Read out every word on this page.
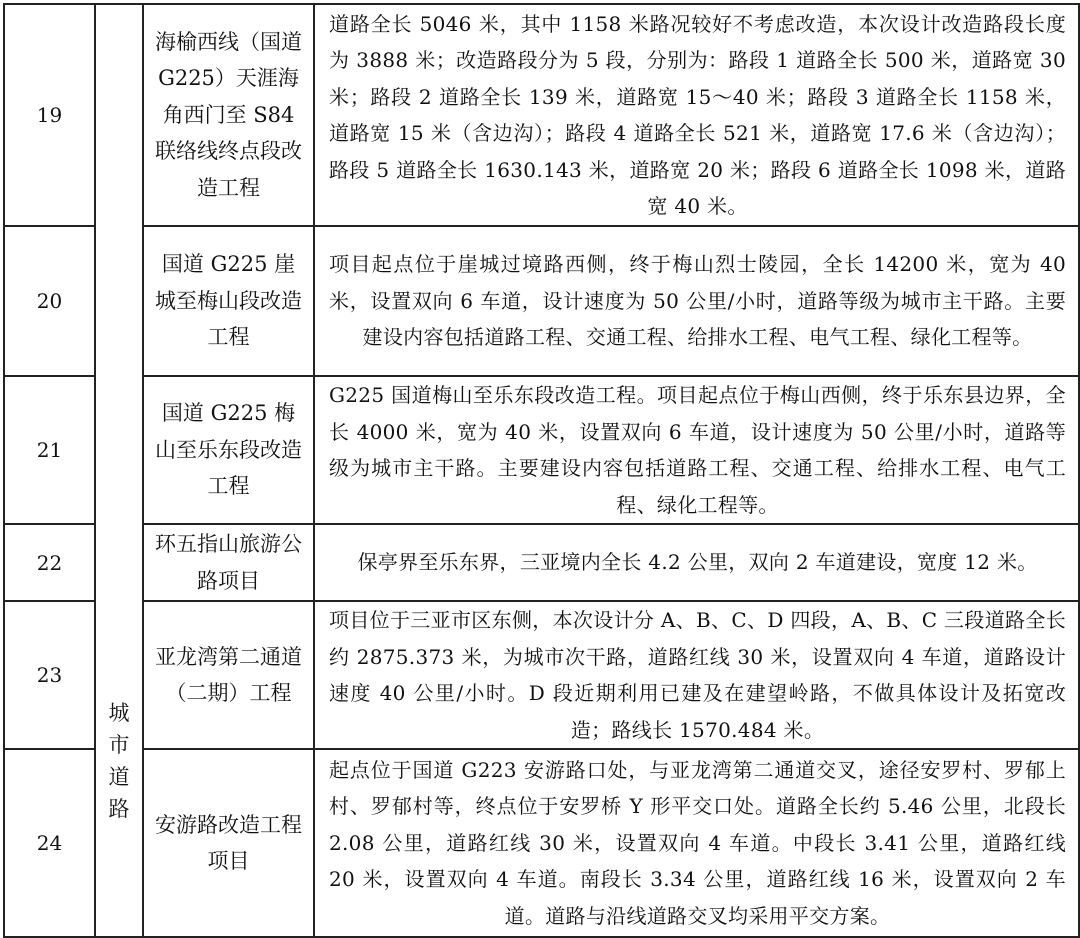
19		海榆西线（国道 G225）天涯海角西门至 S84 联络线终点段改造工程	道路全长 5046 米，其中 1158 米路况较好不考虑改造，本次设计改造路段长度为 3888 米；改造路段分为 5 段，分别为：路段 1 道路全长 500 米，道路宽 30 米；路段 2 道路全长 139 米，道路宽 15～40 米；路段 3 道路全长 1158 米，道路宽 15 米（含边沟）；路段 4 道路全长 521 米，道路宽 17.6 米（含边沟）；路段 5 道路全长 1630.143 米，道路宽 20 米；路段 6 道路全长 1098 米，道路宽 40 米。
20		国道 G225 崖城至梅山段改造工程	项目起点位于崖城过境路西侧，终于梅山烈士陵园，全长 14200 米，宽为 40 米，设置双向 6 车道，设计速度为 50 公里/小时，道路等级为城市主干路。主要建设内容包括道路工程、交通工程、给排水工程、电气工程、绿化工程等。
21		国道 G225 梅山至乐东段改造工程	G225 国道梅山至乐东段改造工程。项目起点位于梅山西侧，终于乐东县边界，全长 4000 米，宽为 40 米，设置双向 6 车道，设计速度为 50 公里/小时，道路等级为城市主干路。主要建设内容包括道路工程、交通工程、给排水工程、电气工程、绿化工程等。
22		环五指山旅游公路项目	保亭界至乐东界，三亚境内全长 4.2 公里，双向 2 车道建设，宽度 12 米。
23	城市道路	亚龙湾第二通道（二期）工程	项目位于三亚市区东侧，本次设计分 A、B、C、D 四段，A、B、C 三段道路全长约 2875.373 米，为城市次干路，道路红线 30 米，设置双向 4 车道，道路设计速度 40 公里/小时。D 段近期利用已建及在建望岭路，不做具体设计及拓宽改造；路线长 1570.484 米。
24		安游路改造工程项目	起点位于国道 G223 安游路口处，与亚龙湾第二通道交叉，途径安罗村、罗郁上村、罗郁村等，终点位于安罗桥 Y 形平交口处。道路全长约 5.46 公里，北段长 2.08 公里，道路红线 30 米，设置双向 4 车道。中段长 3.41 公里，道路红线 20 米，设置双向 4 车道。南段长 3.34 公里，道路红线 16 米，设置双向 2 车道。道路与沿线道路交叉均采用平交方案。
